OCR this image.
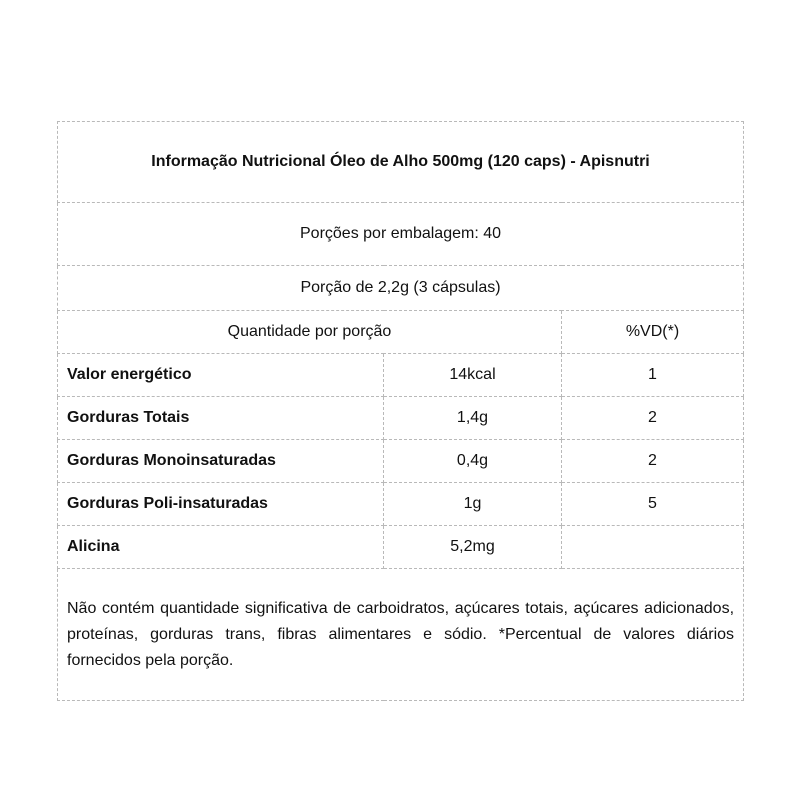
Informação Nutricional Óleo de Alho 500mg (120 caps) - Apisnutri		
Porções por embalagem: 40		
Porção de 2,2g (3 cápsulas)		
Quantidade por porção		%VD(*)
Valor energético	14kcal	1
Gorduras Totais	1,4g	2
Gorduras Monoinsaturadas	0,4g	2
Gorduras Poli-insaturadas	1g	5
Alicina	5,2mg	
Não contém quantidade significativa de carboidratos, açúcares totais, açúcares adicionados, proteínas, gorduras trans, fibras alimentares e sódio. *Percentual de valores diários fornecidos pela porção.		
